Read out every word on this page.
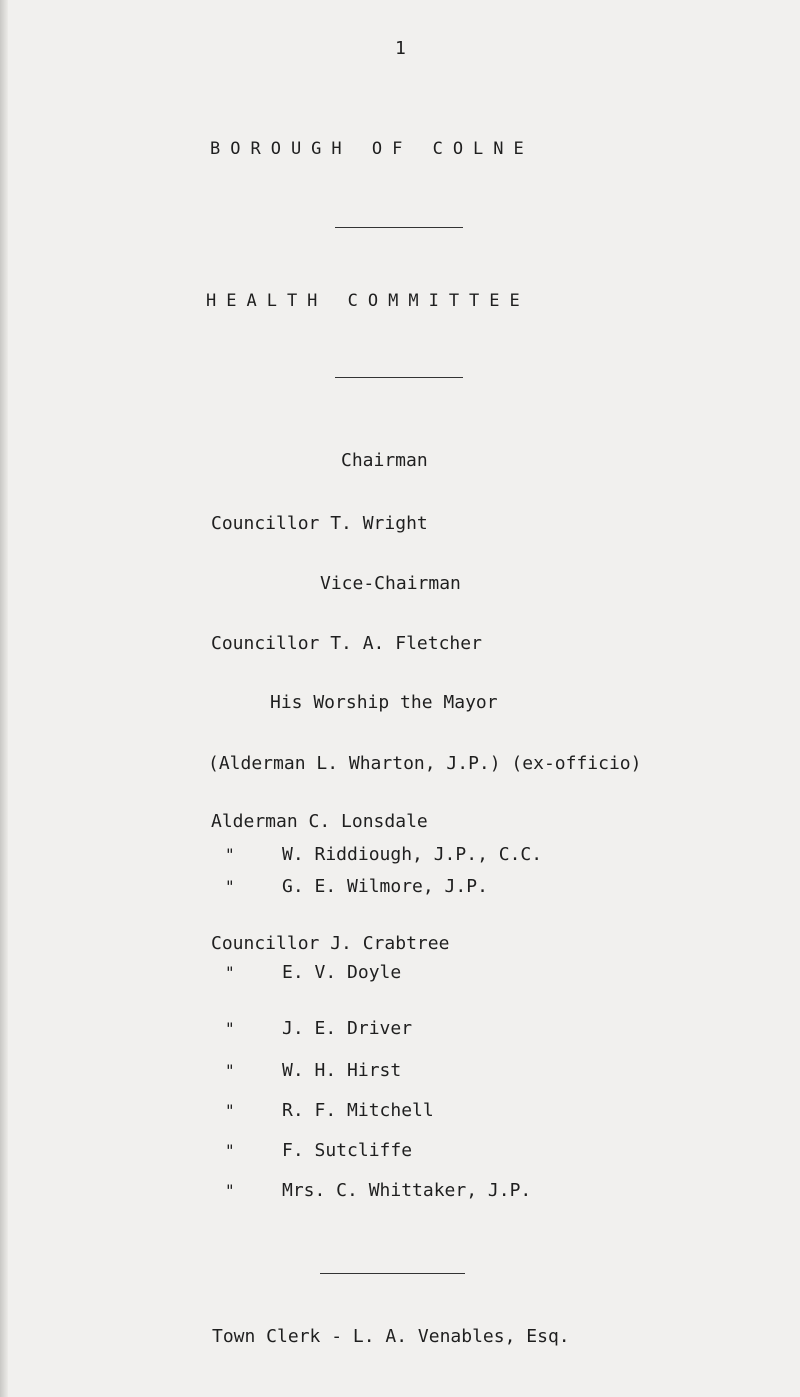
1
BOROUGH OF COLNE
HEALTH COMMITTEE
Chairman
Councillor T. Wright
Vice-Chairman
Councillor T. A. Fletcher
His Worship the Mayor
(Alderman L. Wharton, J.P.) (ex-officio)
Alderman C. Lonsdale
"	W. Riddiough, J.P., C.C.
"	G. E. Wilmore, J.P.
Councillor J. Crabtree
"	E. V. Doyle
"	J. E. Driver
"	W. H. Hirst
"	R. F. Mitchell
"	F. Sutcliffe
"	Mrs. C. Whittaker, J.P.
Town Clerk - L. A. Venables, Esq.
